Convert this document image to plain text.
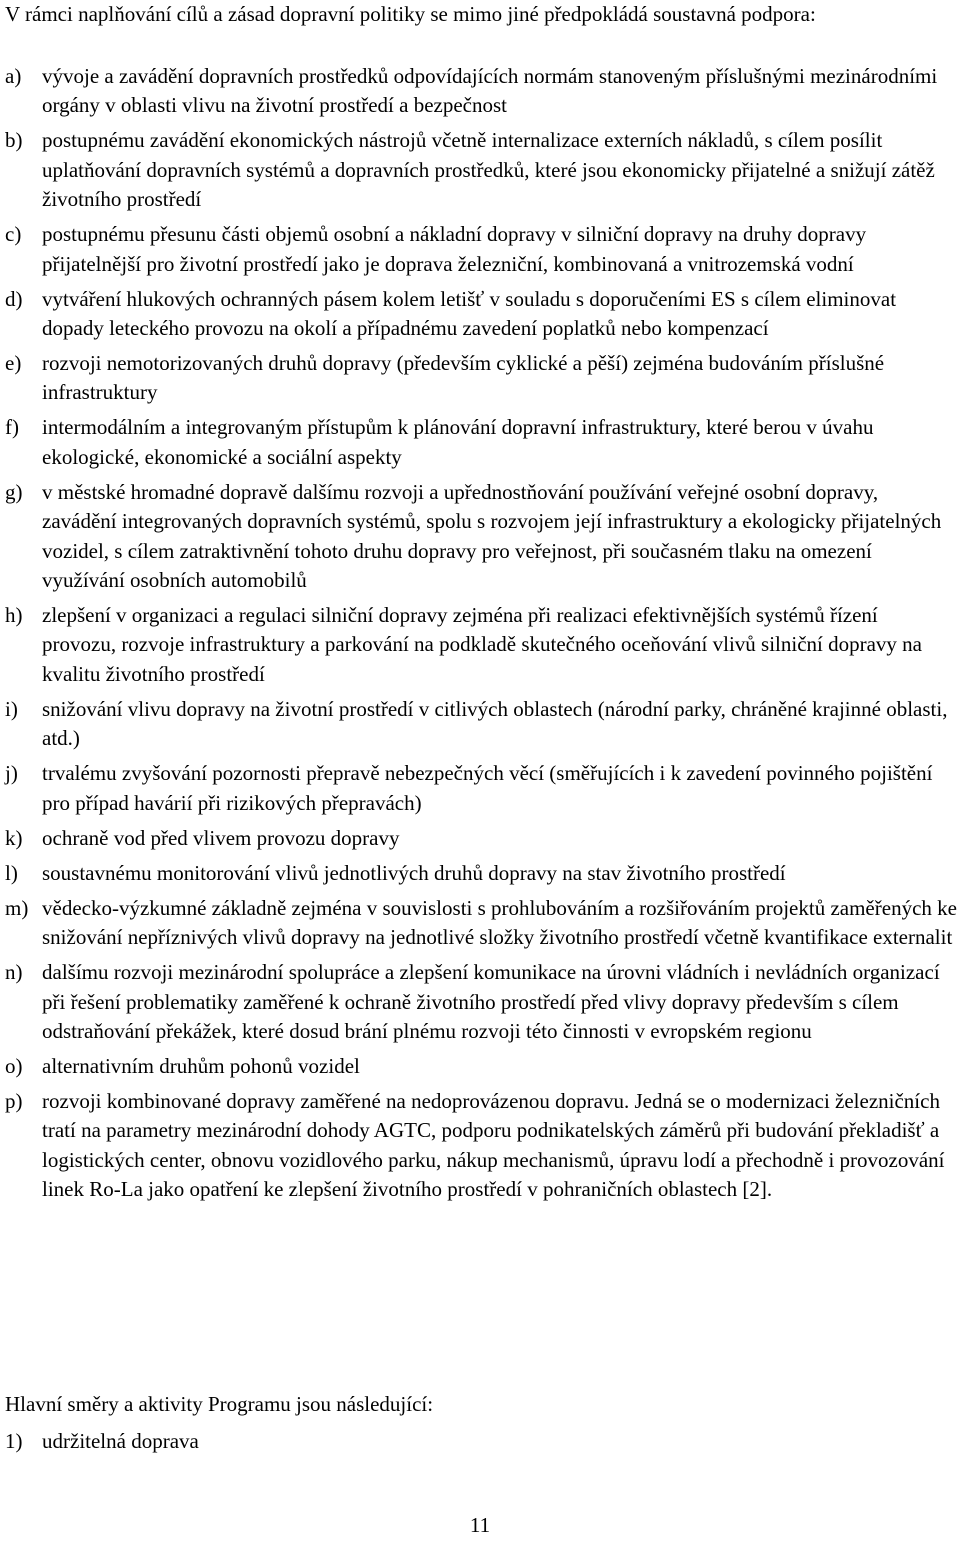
V rámci naplňování cílů a zásad dopravní politiky se mimo jiné předpokládá soustavná podpora:

a) vývoje a zavádění dopravních prostředků odpovídajících normám stanoveným příslušnými mezinárodními orgány v oblasti vlivu na životní prostředí a bezpečnost
b) postupnému zavádění ekonomických nástrojů včetně internalizace externích nákladů, s cílem posílit uplatňování dopravních systémů a dopravních prostředků, které jsou ekonomicky přijatelné a snižují zátěž životního prostředí
c) postupnému přesunu části objemů osobní a nákladní dopravy v silniční dopravy na druhy dopravy přijatelnější pro životní prostředí jako je doprava železniční, kombinovaná a vnitrozemská vodní
d) vytváření hlukových ochranných pásem kolem letišť v souladu s doporučeními ES s cílem eliminovat dopady leteckého provozu na okolí a případnému zavedení poplatků nebo kompenzací
e) rozvoji nemotorizovaných druhů dopravy (především cyklické a pěší) zejména budováním příslušné infrastruktury
f)	intermodálním a integrovaným přístupům k plánování dopravní infrastruktury, které berou v úvahu ekologické, ekonomické a sociální aspekty
g) v městské hromadné dopravě dalšímu rozvoji a upřednostňování používání veřejné osobní dopravy, zavádění integrovaných dopravních systémů, spolu s rozvojem její infrastruktury a ekologicky přijatelných vozidel, s cílem zatraktivnění tohoto druhu dopravy pro veřejnost, při současném tlaku na omezení využívání osobních automobilů
h) zlepšení v organizaci a regulaci silniční dopravy zejména při realizaci efektivnějších systémů řízení provozu, rozvoje infrastruktury a parkování na podkladě skutečného oceňování vlivů silniční dopravy na kvalitu životního prostředí
i)	snižování vlivu dopravy na životní prostředí v citlivých oblastech (národní parky, chráněné krajinné oblasti, atd.)
j)	trvalému zvyšování pozornosti přepravě nebezpečných věcí (směřujících i k zavedení povinného pojištění pro případ havárií při rizikových přepravách)
k) ochraně vod před vlivem provozu dopravy
l)	soustavnému monitorování vlivů jednotlivých druhů dopravy na stav životního prostředí
m) vědecko-výzkumné základně zejména v souvislosti s prohlubováním a rozšiřováním projektů zaměřených ke snižování nepříznivých vlivů dopravy na jednotlivé složky životního prostředí včetně kvantifikace externalit
n) dalšímu rozvoji mezinárodní spolupráce a zlepšení komunikace na úrovni vládních i nevládních organizací při řešení problematiky zaměřené k ochraně životního prostředí před vlivy dopravy především s cílem odstraňování překážek, které dosud brání plnému rozvoji této činnosti v evropském regionu
o) alternativním druhům pohonů vozidel
p) rozvoji kombinované dopravy zaměřené na nedoprovázenou dopravu. Jedná se o modernizaci železničních tratí na parametry mezinárodní dohody AGTC, podporu podnikatelských záměrů při budování překladišť a logistických center, obnovu vozidlového parku, nákup mechanismů, úpravu lodí a přechodně i provozování linek Ro-La jako opatření ke zlepšení životního prostředí v pohraničních oblastech [2].

Hlavní směry a aktivity Programu jsou následující:

1) udržitelná doprava
11
